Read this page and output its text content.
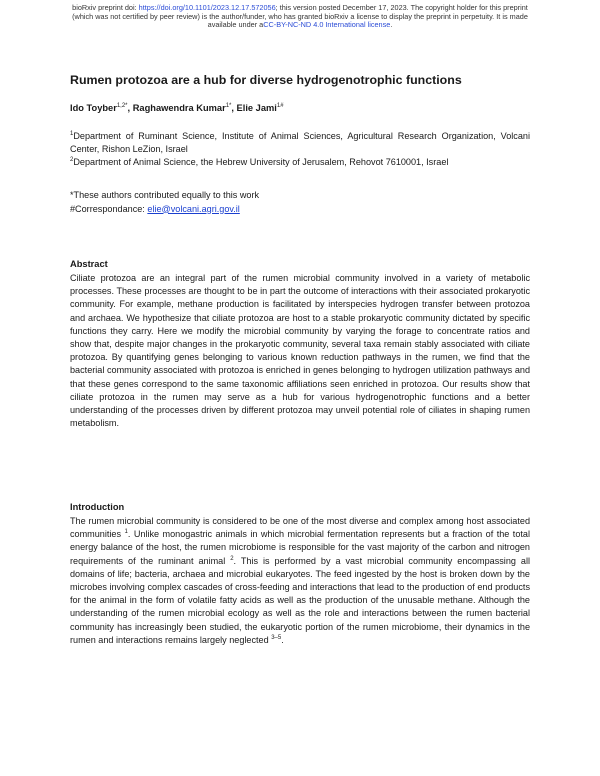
bioRxiv preprint doi: https://doi.org/10.1101/2023.12.17.572056; this version posted December 17, 2023. The copyright holder for this preprint
(which was not certified by peer review) is the author/funder, who has granted bioRxiv a license to display the preprint in perpetuity. It is made
available under aCC-BY-NC-ND 4.0 International license.
Rumen protozoa are a hub for diverse hydrogenotrophic functions
Ido Toyber$^{1,2*}$, Raghawendra Kumar$^{1*}$, Elie Jami$^{1\#}$

$^1$Department of Ruminant Science, Institute of Animal Sciences, Agricultural Research Organization, Volcani Center, Rishon LeZion, Israel

$^2$Department of Animal Science, the Hebrew University of Jerusalem, Rehovot 7610001, Israel

*These authors contributed equally to this work
#Correspondance: elie@volcani.agri.gov.il
Abstract
Ciliate protozoa are an integral part of the rumen microbial community involved in a variety of metabolic processes. These processes are thought to be in part the outcome of interactions with their associated prokaryotic community. For example, methane production is facilitated by interspecies hydrogen transfer between protozoa and archaea. We hypothesize that ciliate protozoa are host to a stable prokaryotic community dictated by specific functions they carry. Here we modify the microbial community by varying the forage to concentrate ratios and show that, despite major changes in the prokaryotic community, several taxa remain stably associated with ciliate protozoa. By quantifying genes belonging to various known reduction pathways in the rumen, we find that the bacterial community associated with protozoa is enriched in genes belonging to hydrogen utilization pathways and that these genes correspond to the same taxonomic affiliations seen enriched in protozoa. Our results show that ciliate protozoa in the rumen may serve as a hub for various hydrogenotrophic functions and a better understanding of the processes driven by different protozoa may unveil potential role of ciliates in shaping rumen metabolism.
Introduction
The rumen microbial community is considered to be one of the most diverse and complex among host associated communities $^1$. Unlike monogastric animals in which microbial fermentation represents but a fraction of the total energy balance of the host, the rumen microbiome is responsible for the vast majority of the carbon and nitrogen requirements of the ruminant animal $^2$. This is performed by a vast microbial community encompassing all domains of life; bacteria, archaea and microbial eukaryotes. The feed ingested by the host is broken down by the microbes involving complex cascades of cross-feeding and interactions that lead to the production of end products for the animal in the form of volatile fatty acids as well as the production of the unusable methane. Although the understanding of the rumen microbial ecology as well as the role and interactions between the rumen bacterial community has increasingly been studied, the eukaryotic portion of the rumen microbiome, their dynamics in the rumen and interactions remains largely neglected $^{3-5}$.
